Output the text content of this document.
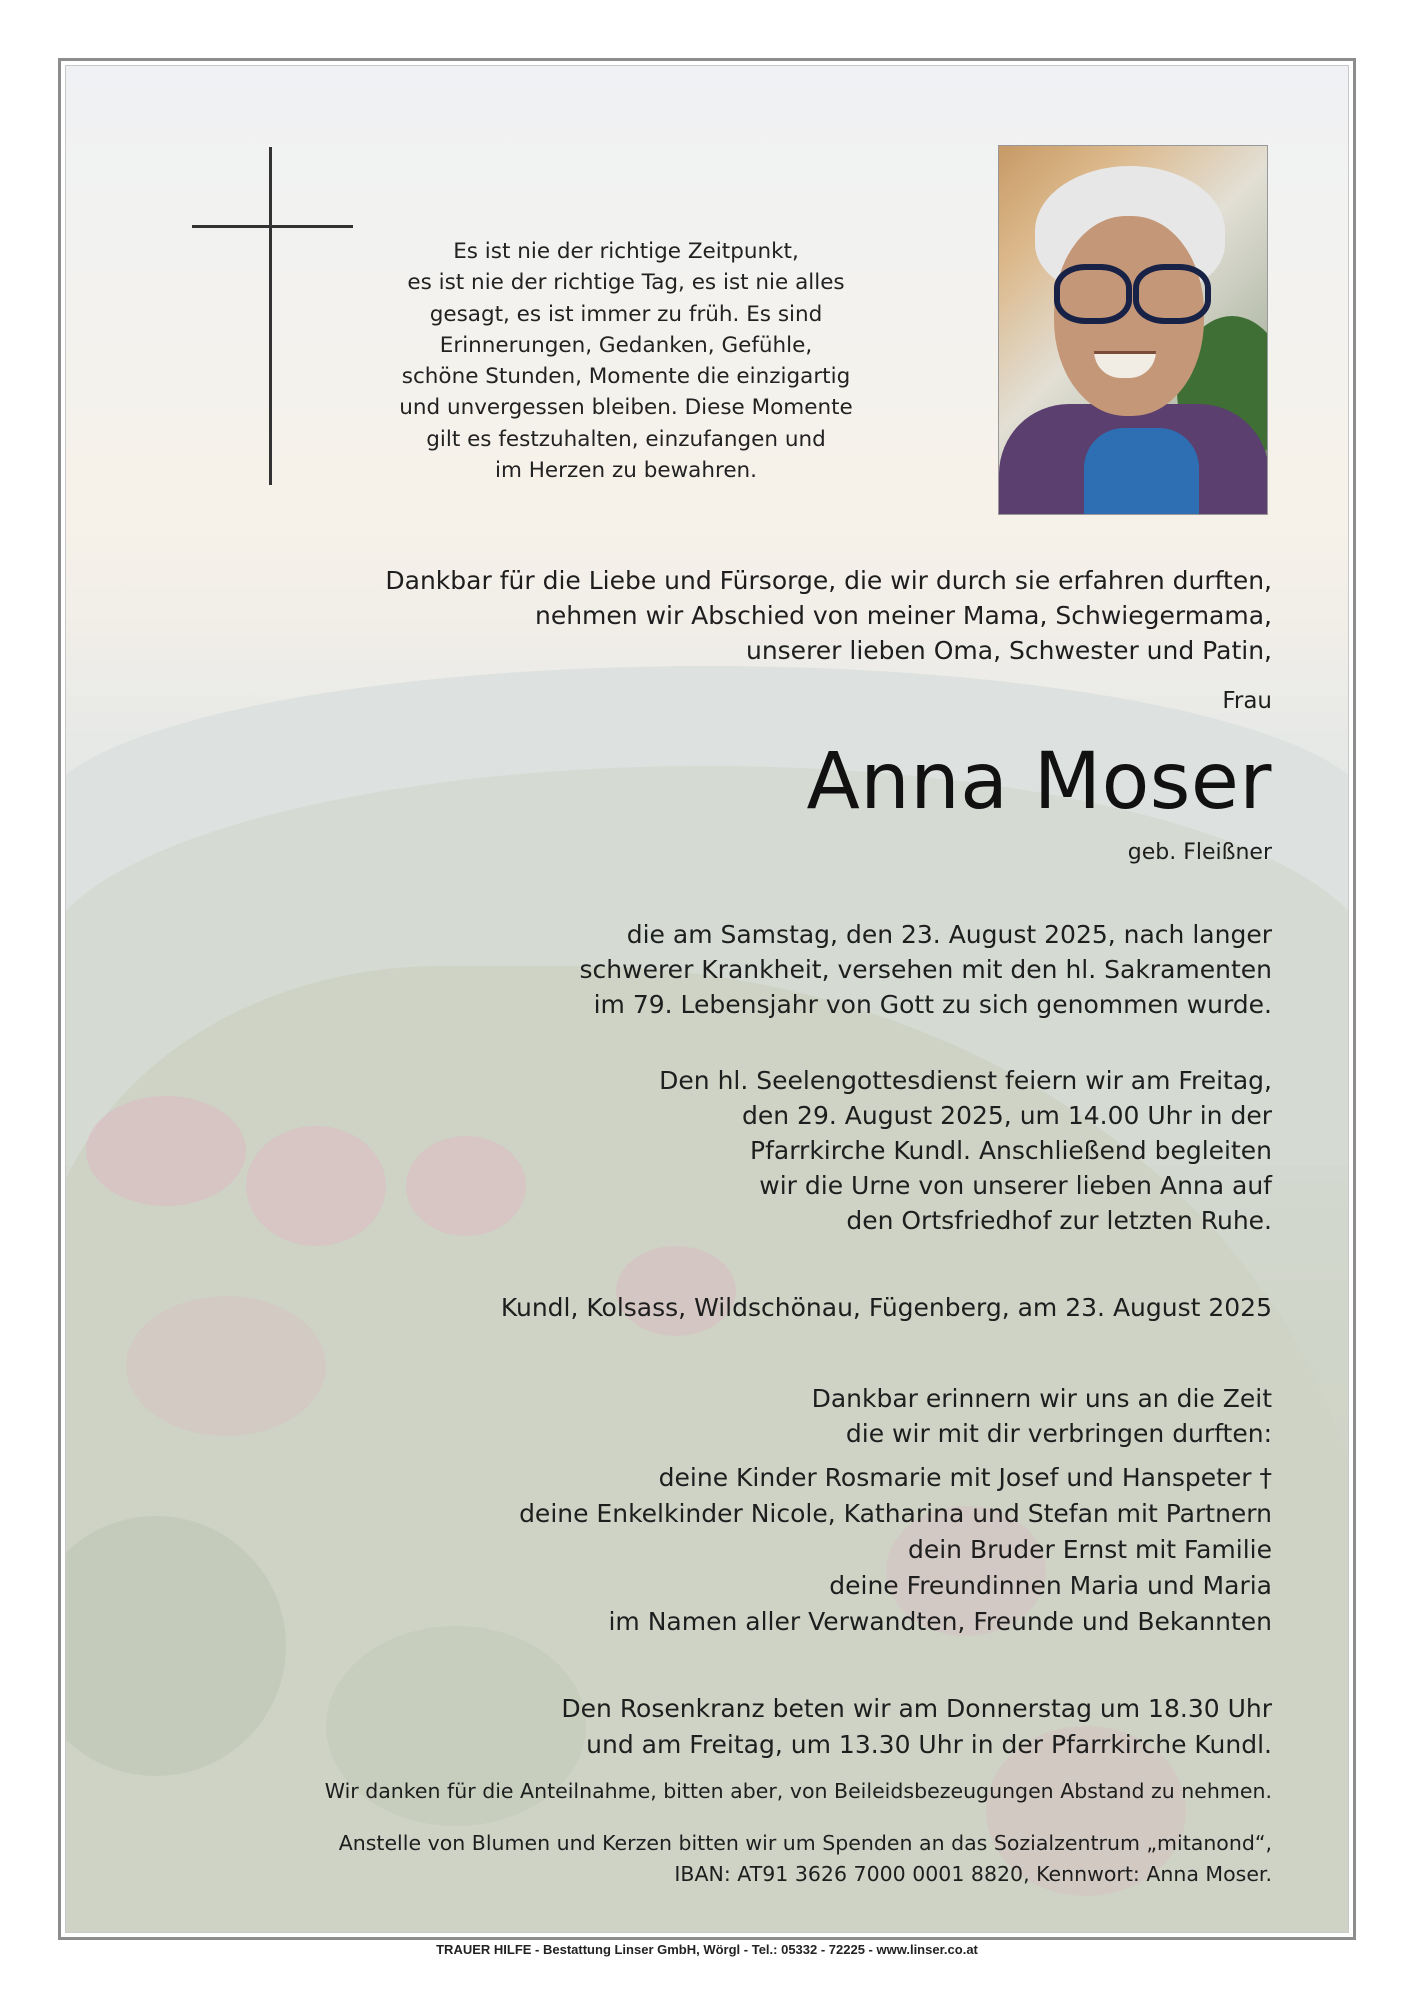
Es ist nie der richtige Zeitpunkt,
es ist nie der richtige Tag, es ist nie alles
gesagt, es ist immer zu früh. Es sind
Erinnerungen, Gedanken, Gefühle,
schöne Stunden, Momente die einzigartig
und unvergessen bleiben. Diese Momente
gilt es festzuhalten, einzufangen und
im Herzen zu bewahren.
Dankbar für die Liebe und Fürsorge, die wir durch sie erfahren durften,
nehmen wir Abschied von meiner Mama, Schwiegermama,
unserer lieben Oma, Schwester und Patin,
Frau
Anna Moser
geb. Fleißner
die am Samstag, den 23. August 2025, nach langer
schwerer Krankheit, versehen mit den hl. Sakramenten
im 79. Lebensjahr von Gott zu sich genommen wurde.
Den hl. Seelengottesdienst feiern wir am Freitag,
den 29. August 2025, um 14.00 Uhr in der
Pfarrkirche Kundl. Anschließend begleiten
wir die Urne von unserer lieben Anna auf
den Ortsfriedhof zur letzten Ruhe.
Kundl, Kolsass, Wildschönau, Fügenberg, am 23. August 2025
Dankbar erinnern wir uns an die Zeit
die wir mit dir verbringen durften:
deine Kinder Rosmarie mit Josef und Hanspeter †
deine Enkelkinder Nicole, Katharina und Stefan mit Partnern
dein Bruder Ernst mit Familie
deine Freundinnen Maria und Maria
im Namen aller Verwandten, Freunde und Bekannten
Den Rosenkranz beten wir am Donnerstag um 18.30 Uhr
und am Freitag, um 13.30 Uhr in der Pfarrkirche Kundl.
Wir danken für die Anteilnahme, bitten aber, von Beileidsbezeugungen Abstand zu nehmen.
Anstelle von Blumen und Kerzen bitten wir um Spenden an das Sozialzentrum „mitanond“,
IBAN: AT91 3626 7000 0001 8820, Kennwort: Anna Moser.
TRAUER HILFE - Bestattung Linser GmbH, Wörgl - Tel.: 05332 - 72225 - www.linser.co.at
